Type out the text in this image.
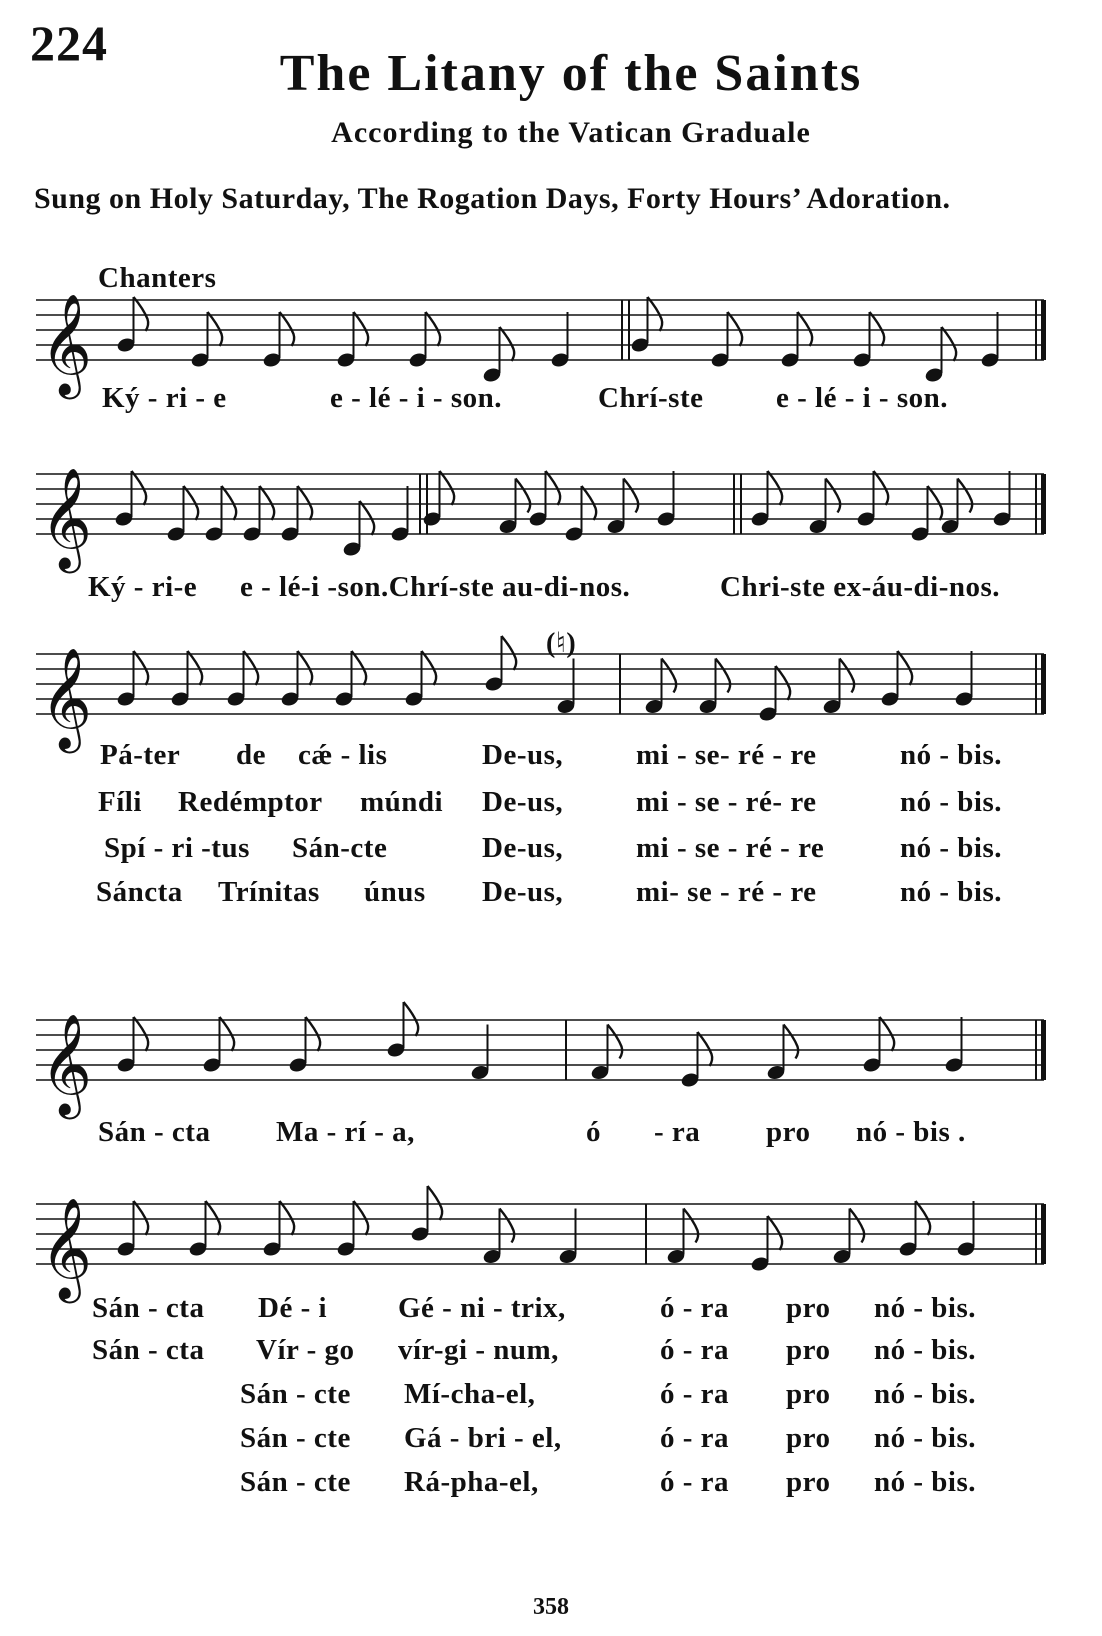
224
The Litany of the Saints
According to the Vatican Graduale
Sung on Holy Saturday, The Rogation Days, Forty Hours’ Adoration.
Chanters
𝄞
Ký - ri - e	e - lé - i - son.	Chrí-ste	e - lé - i - son.
𝄞
Ký - ri-e e - lé-i -son.Chrí-ste au-di-nos.	Chri-ste ex-áu-di-nos.
(♮)
𝄞
Pá-ter de cǽ - lis	De-us,	mi - se- ré - re	nó - bis.
Fíli Redémptor múndi De-us,	mi - se - ré- re	nó - bis.
Spí - ri -tus Sán-cte	De-us,	mi - se - ré - re	nó - bis.
Sáncta Trínitas únus De-us,	mi- se - ré - re	nó - bis.
𝄞
Sán - cta Ma - rí - a,	ó - ra pro nó - bis .
𝄞
Sán - cta Dé - i Gé - ni - trix,	ó - ra pro nó - bis.
Sán - cta Vír - go vír-gi - num,	ó - ra pro nó - bis.
Sán - cte Mí-cha-el,	ó - ra pro nó - bis.
Sán - cte Gá - bri - el,	ó - ra pro nó - bis.
Sán - cte Rá-pha-el,	ó - ra pro nó - bis.
358
